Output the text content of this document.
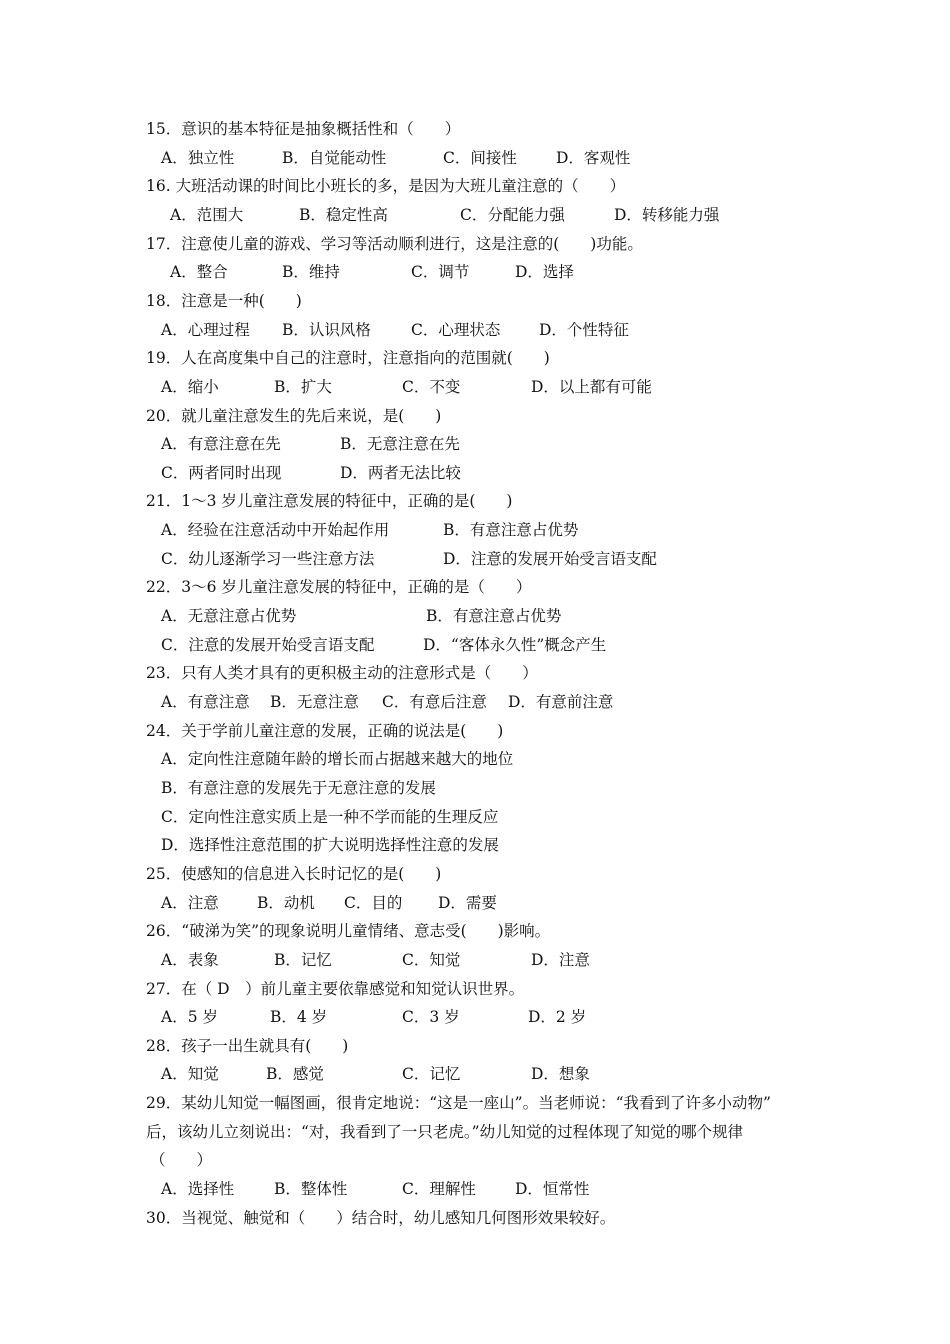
15．意识的基本特征是抽象概括性和（　　）
A．独立性	B．自觉能动性	C．间接性	D．客观性
16. 大班活动课的时间比小班长的多，是因为大班儿童注意的（　　）
A．范围大	B．稳定性高	C．分配能力强	D．转移能力强
17．注意使儿童的游戏、学习等活动顺利进行，这是注意的(　　)功能。
A．整合	B．维持	C．调节	D．选择
18．注意是一种(　　)
A．心理过程 B．认识风格	C．心理状态 D．个性特征
19．人在高度集中自己的注意时，注意指向的范围就(　　)
A．缩小	B．扩大	C．不变	D．以上都有可能
20．就儿童注意发生的先后来说，是(　　)
A．有意注意在先	B．无意注意在先
C．两者同时出现	D．两者无法比较
21．1～3 岁儿童注意发展的特征中，正确的是(　　)
A．经验在注意活动中开始起作用	B．有意注意占优势
C．幼儿逐渐学习一些注意方法	D．注意的发展开始受言语支配
22．3～6 岁儿童注意发展的特征中，正确的是（　　）
A．无意注意占优势	B．有意注意占优势
C．注意的发展开始受言语支配	D．“客体永久性”概念产生
23．只有人类才具有的更积极主动的注意形式是（　　）
A．有意注意 B．无意注意 C．有意后注意 D．有意前注意
24．关于学前儿童注意的发展，正确的说法是(　　)
A．定向性注意随年龄的增长而占据越来越大的地位
B．有意注意的发展先于无意注意的发展
C．定向性注意实质上是一种不学而能的生理反应
D．选择性注意范围的扩大说明选择性注意的发展
25．使感知的信息进入长时记忆的是(　　)
A．注意 B．动机 C．目的 D．需要
26．“破涕为笑”的现象说明儿童情绪、意志受(　　)影响。
A．表象	B．记忆	C．知觉	D．注意
27．在（ D　）前儿童主要依靠感觉和知觉认识世界。
A．5 岁	B．4 岁	C．3 岁	D．2 岁
28．孩子一出生就具有(　　)
A．知觉	B．感觉	C．记忆	D．想象
29．某幼儿知觉一幅图画，很肯定地说：“这是一座山”。当老师说：“我看到了许多小动物”
后，该幼儿立刻说出：“对，我看到了一只老虎。”幼儿知觉的过程体现了知觉的哪个规律
（　　）
A．选择性	B．整体性	C．理解性	D．恒常性
30．当视觉、触觉和（　　）结合时，幼儿感知几何图形效果较好。
